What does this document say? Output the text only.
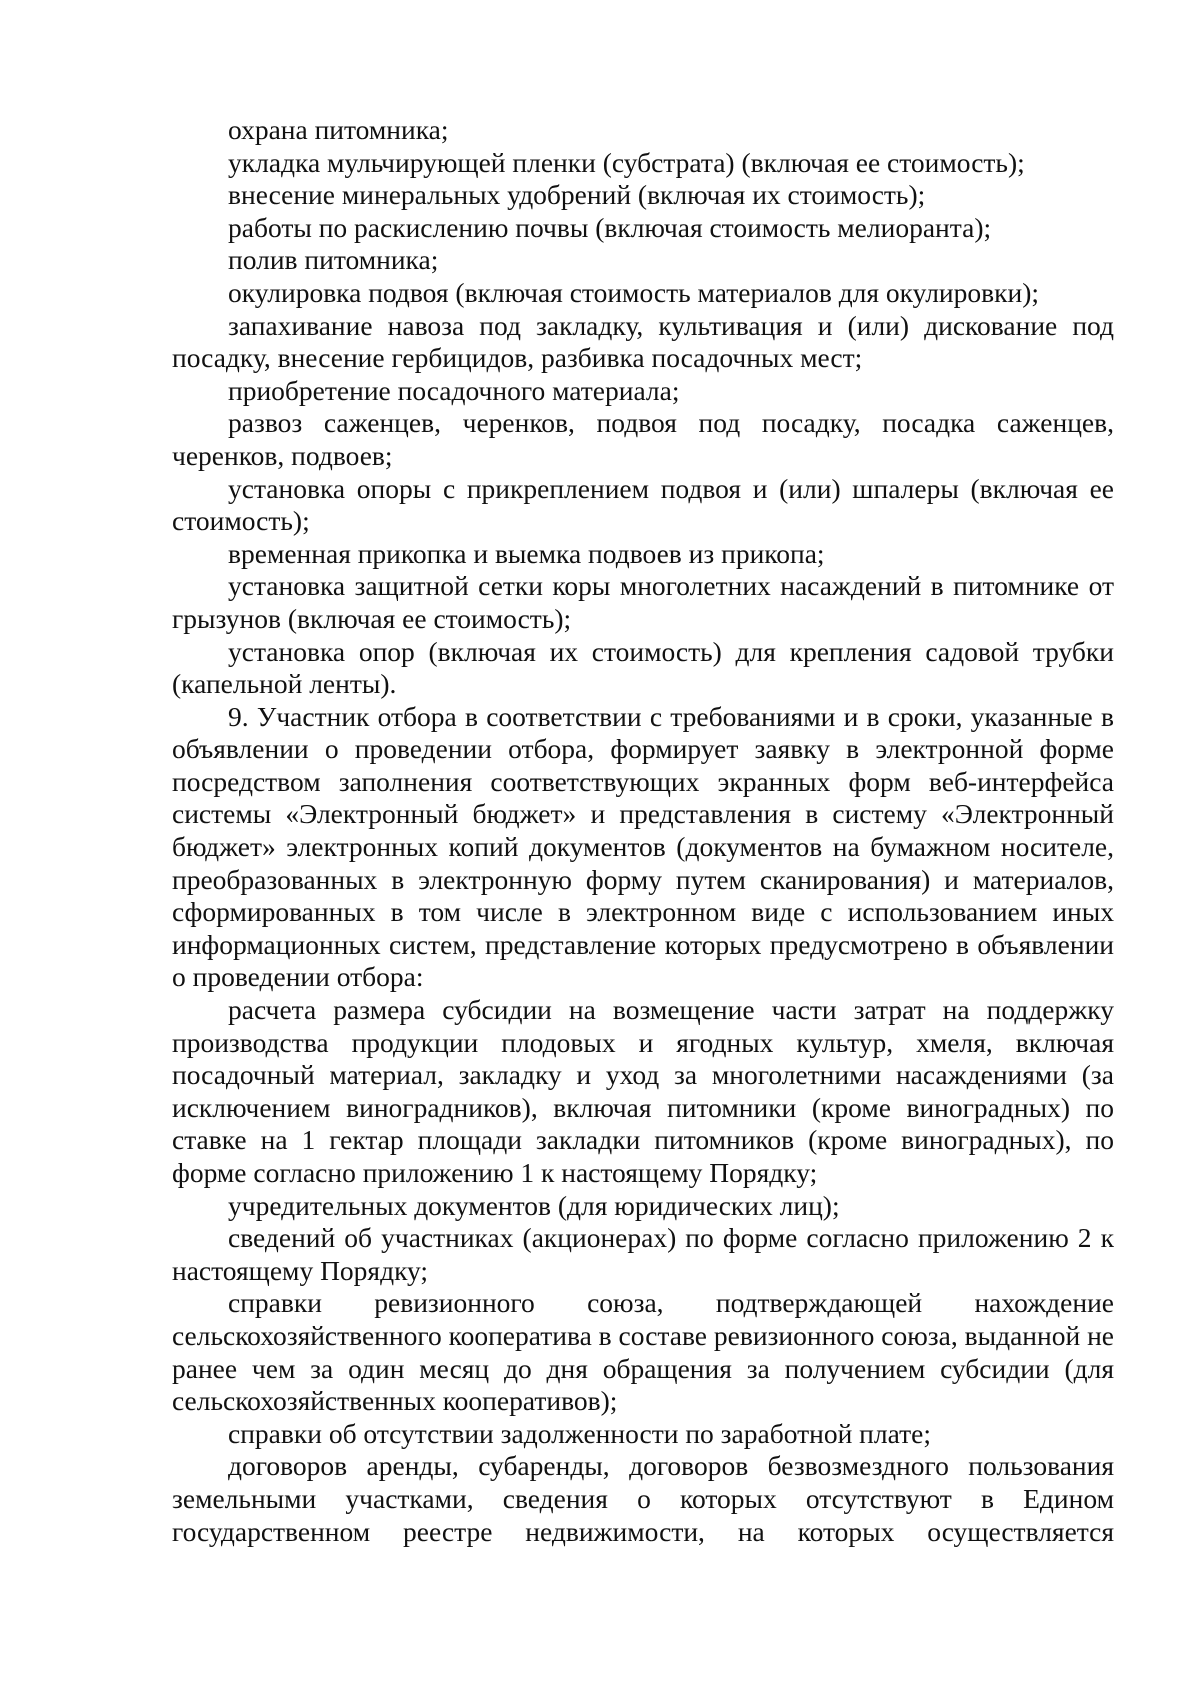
охрана питомника;

укладка мульчирующей пленки (субстрата) (включая ее стоимость);

внесение минеральных удобрений (включая их стоимость);

работы по раскислению почвы (включая стоимость мелиоранта);

полив питомника;

окулировка подвоя (включая стоимость материалов для окулировки);

запахивание навоза под закладку, культивация и (или) дискование под посадку, внесение гербицидов, разбивка посадочных мест;

приобретение посадочного материала;

развоз саженцев, черенков, подвоя под посадку, посадка саженцев, черенков, подвоев;

установка опоры с прикреплением подвоя и (или) шпалеры (включая ее стоимость);

временная прикопка и выемка подвоев из прикопа;

установка защитной сетки коры многолетних насаждений в питомнике от грызунов (включая ее стоимость);

установка опор (включая их стоимость) для крепления садовой трубки (капельной ленты).

9. Участник отбора в соответствии с требованиями и в сроки, указанные в объявлении о проведении отбора, формирует заявку в электронной форме посредством заполнения соответствующих экранных форм веб-интерфейса системы «Электронный бюджет» и представления в систему «Электронный бюджет» электронных копий документов (документов на бумажном носителе, преобразованных в электронную форму путем сканирования) и материалов, сформированных в том числе в электронном виде с использованием иных информационных систем, представление которых предусмотрено в объявлении о проведении отбора:

расчета размера субсидии на возмещение части затрат на поддержку производства продукции плодовых и ягодных культур, хмеля, включая посадочный материал, закладку и уход за многолетними насаждениями (за исключением виноградников), включая питомники (кроме виноградных) по ставке на 1 гектар площади закладки питомников (кроме виноградных), по форме согласно приложению 1 к настоящему Порядку;

учредительных документов (для юридических лиц);

сведений об участниках (акционерах) по форме согласно приложению 2 к настоящему Порядку;

справки ревизионного союза, подтверждающей нахождение сельскохозяйственного кооператива в составе ревизионного союза, выданной не ранее чем за один месяц до дня обращения за получением субсидии (для сельскохозяйственных кооперативов);

справки об отсутствии задолженности по заработной плате;

договоров аренды, субаренды, договоров безвозмездного пользования земельными участками, сведения о которых отсутствуют в Едином государственном реестре недвижимости, на которых осуществляется
